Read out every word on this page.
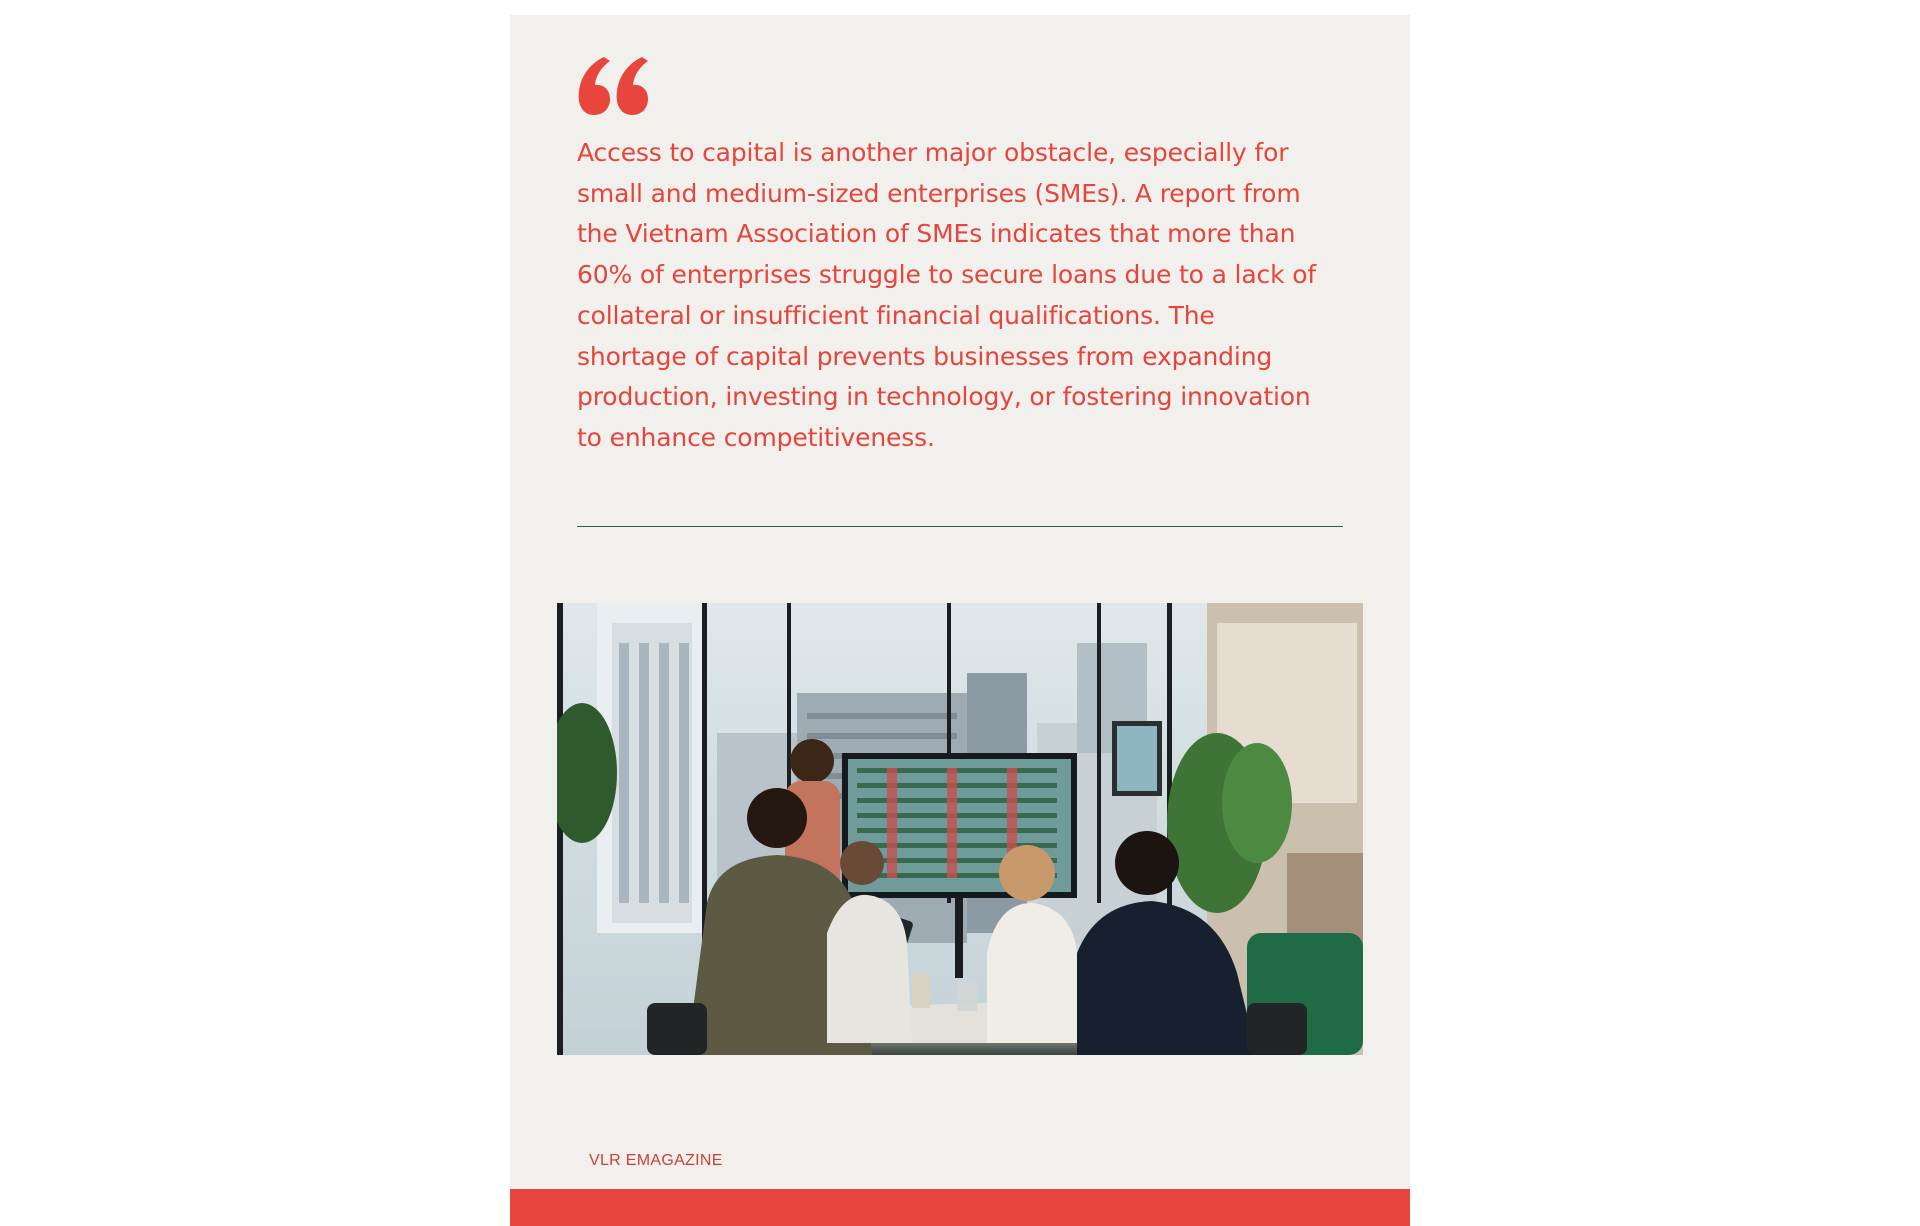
Access to capital is another major obstacle, especially for small and medium-sized enterprises (SMEs). A report from the Vietnam Association of SMEs indicates that more than 60% of enterprises struggle to secure loans due to a lack of collateral or insufficient financial qualifications. The shortage of capital prevents businesses from expanding production, investing in technology, or fostering innovation to enhance competitiveness.

VLR EMAGAZINE
